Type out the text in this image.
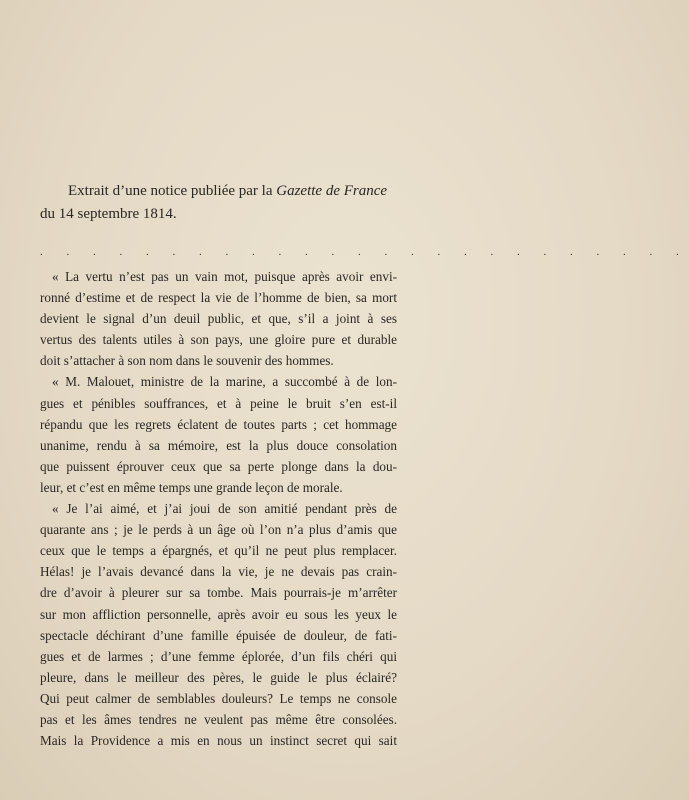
Extrait d’une notice publiée par la Gazette de France
du 14 septembre 1814.
. . . . . . . . . . . . . . . . . . . . . . . . .

« La vertu n’est pas un vain mot, puisque après avoir envi-
ronné d’estime et de respect la vie de l’homme de bien, sa mort
devient le signal d’un deuil public, et que, s’il a joint à ses
vertus des talents utiles à son pays, une gloire pure et durable
doit s’attacher à son nom dans le souvenir des hommes.

« M. Malouet, ministre de la marine, a succombé à de lon-
gues et pénibles souffrances, et à peine le bruit s’en est-il
répandu que les regrets éclatent de toutes parts ; cet hommage
unanime, rendu à sa mémoire, est la plus douce consolation
que puissent éprouver ceux que sa perte plonge dans la dou-
leur, et c’est en même temps une grande leçon de morale.

« Je l’ai aimé, et j’ai joui de son amitié pendant près de
quarante ans ; je le perds à un âge où l’on n’a plus d’amis que
ceux que le temps a épargnés, et qu’il ne peut plus remplacer.
Hélas! je l’avais devancé dans la vie, je ne devais pas crain-
dre d’avoir à pleurer sur sa tombe. Mais pourrais-je m’arrêter
sur mon affliction personnelle, après avoir eu sous les yeux le
spectacle déchirant d’une famille épuisée de douleur, de fati-
gues et de larmes ; d’une femme éplorée, d’un fils chéri qui
pleure, dans le meilleur des pères, le guide le plus éclairé?
Qui peut calmer de semblables douleurs? Le temps ne console
pas et les âmes tendres ne veulent pas même être consolées.
Mais la Providence a mis en nous un instinct secret qui sait
